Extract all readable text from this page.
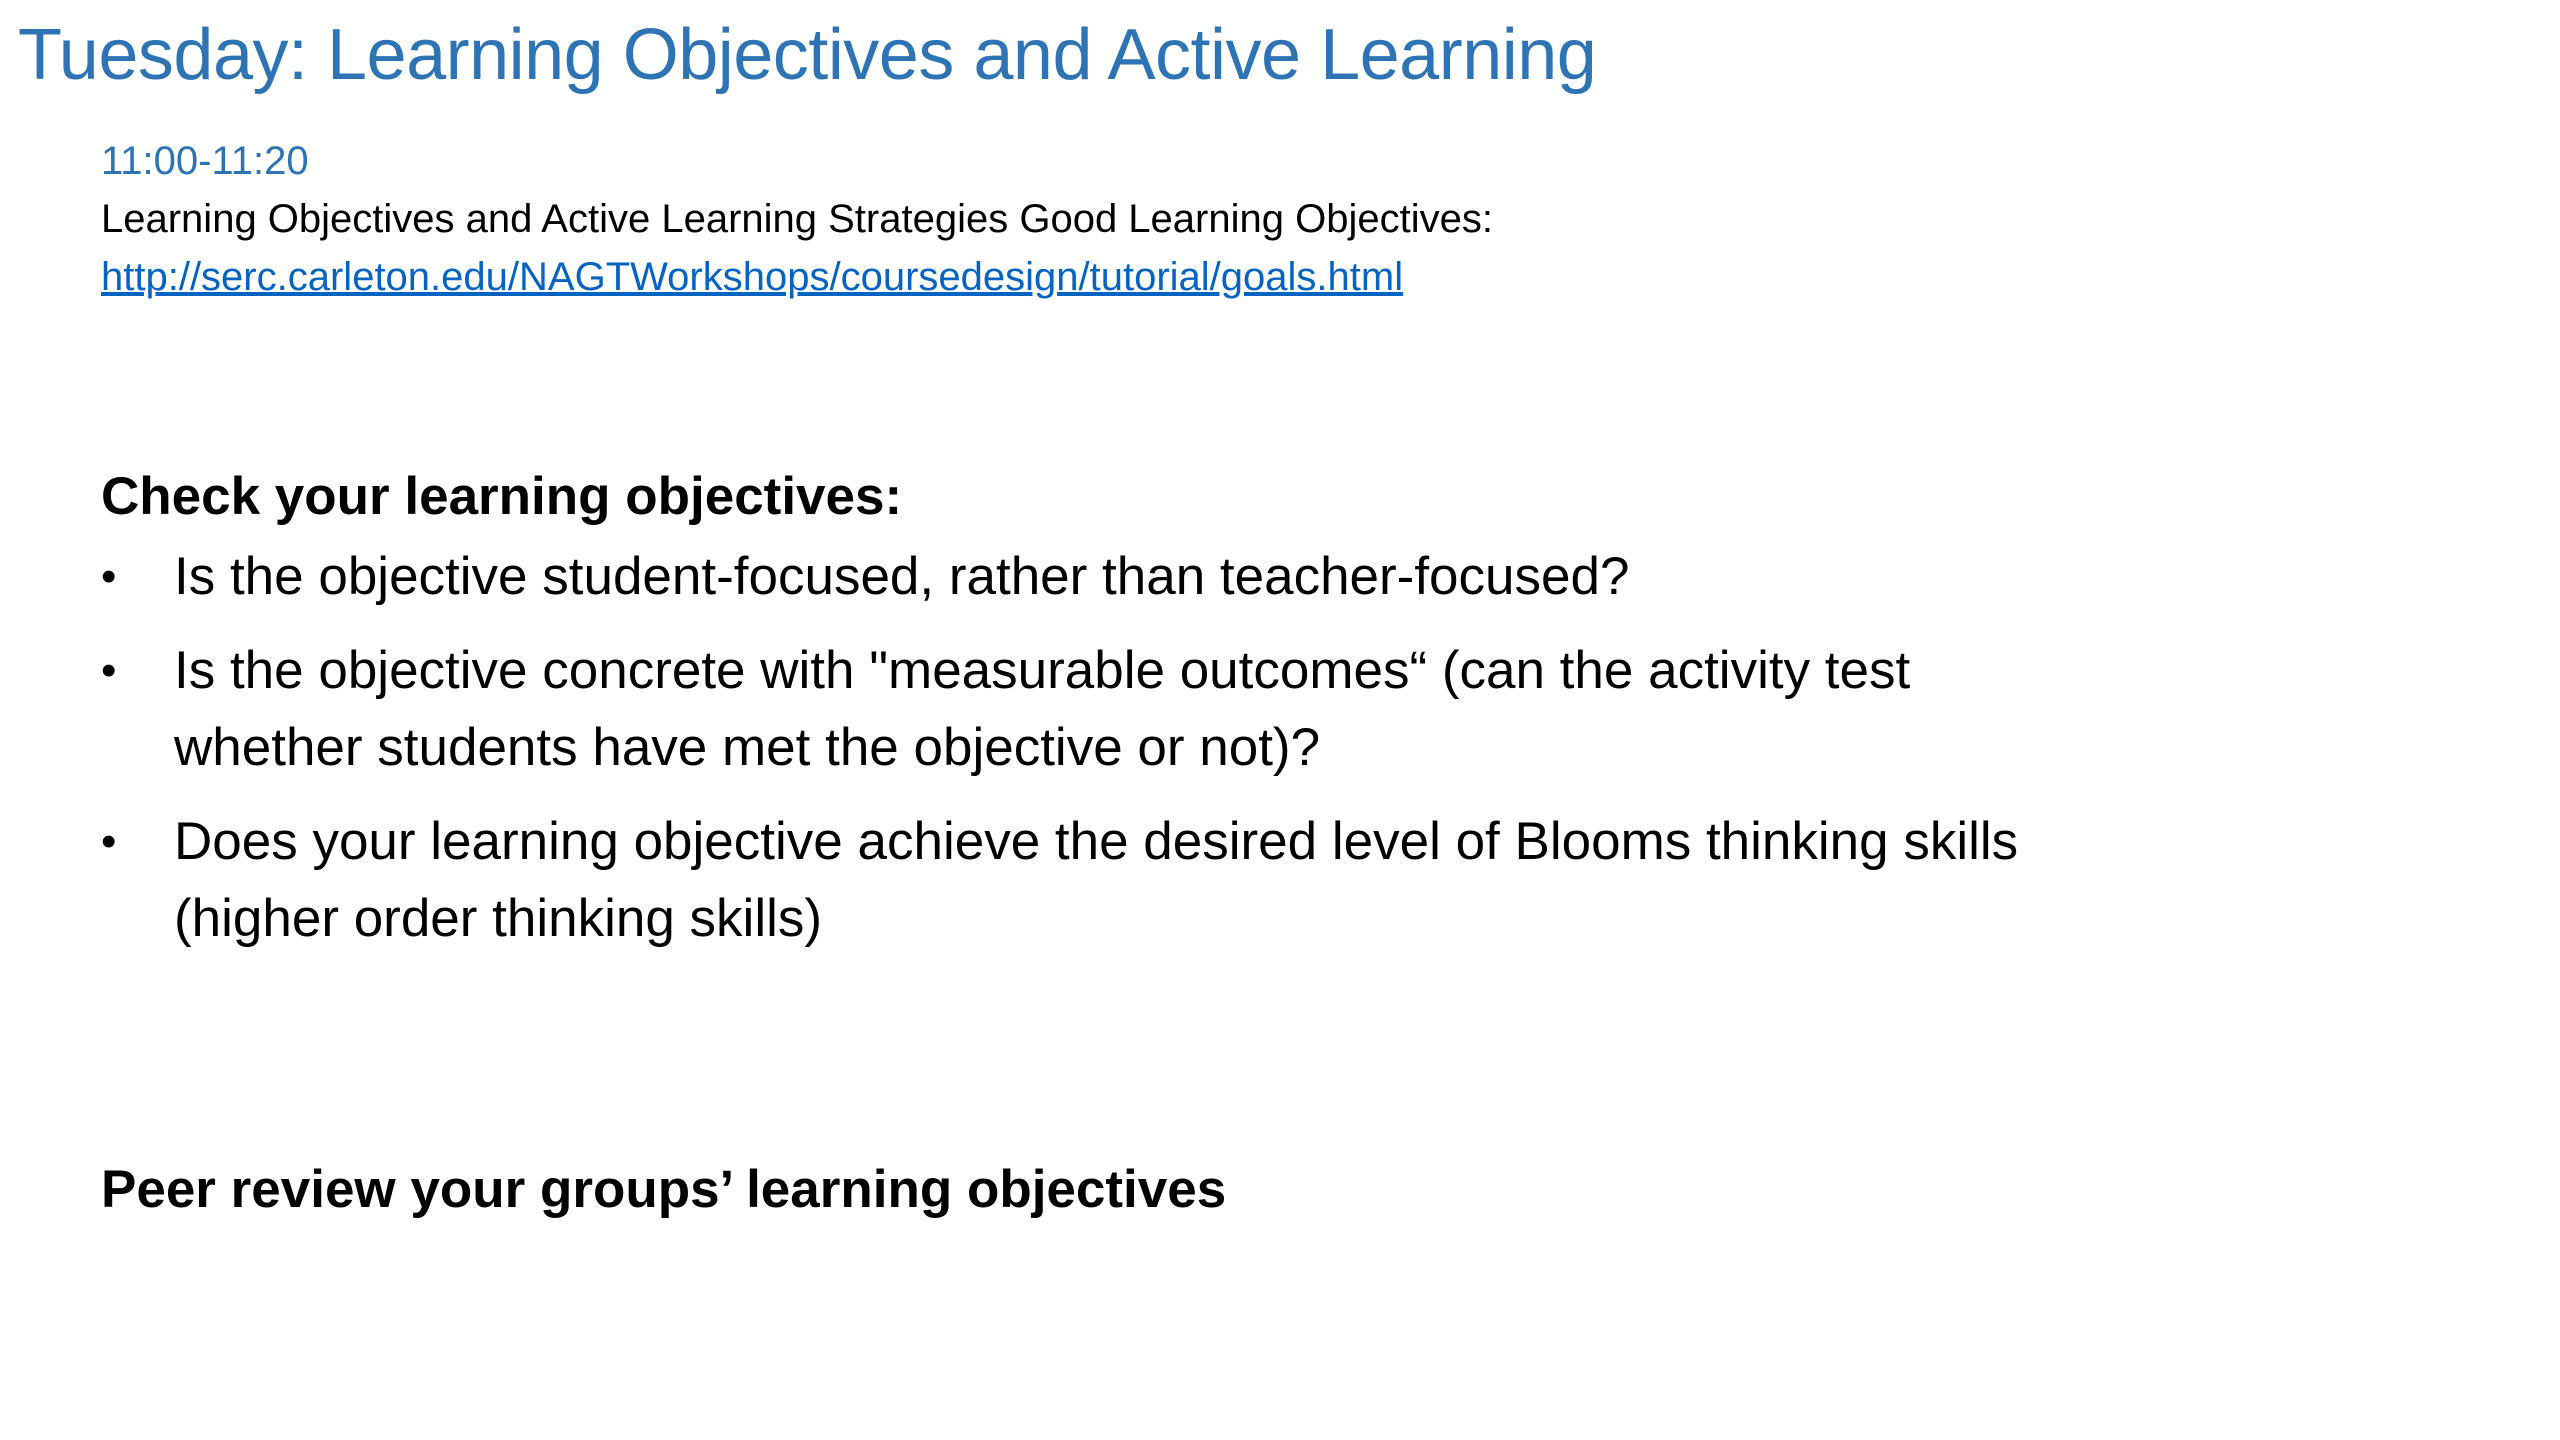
Tuesday: Learning Objectives and Active Learning

11:00-11:20

Learning Objectives and Active Learning Strategies Good Learning Objectives:

http://serc.carleton.edu/NAGTWorkshops/coursedesign/tutorial/goals.html
Check your learning objectives:
• Is the objective student-focused, rather than teacher-focused?
• Is the objective concrete with "measurable outcomes“ (can the activity test whether students have met the objective or not)?
• Does your learning objective achieve the desired level of Blooms thinking skills (higher order thinking skills)
Peer review your groups’ learning objectives
